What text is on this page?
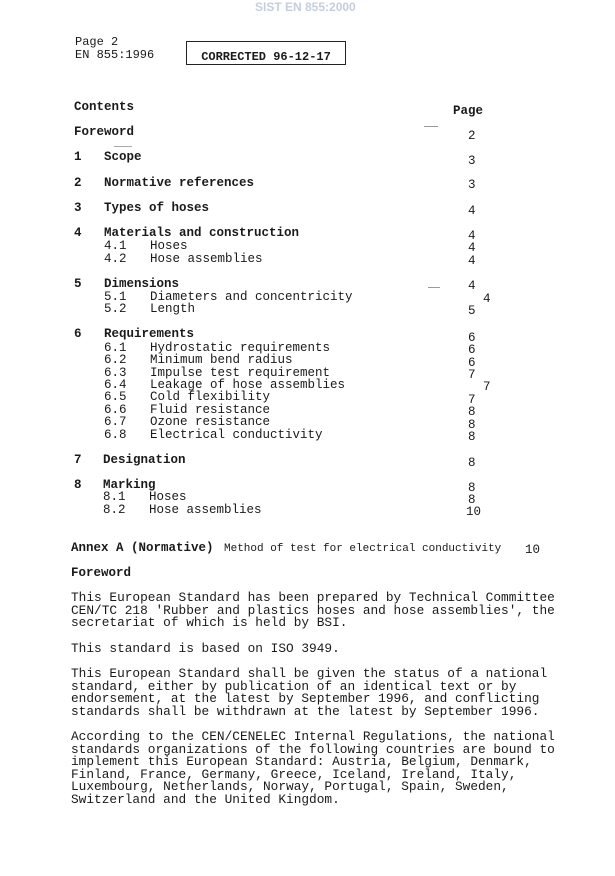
SIST EN 855:2000
Page 2
EN 855:1996	CORRECTED 96-12-17
Contents	Page
Foreword	2
1 Scope	3
2 Normative references	3
3 Types of hoses	4
4 Materials and construction	4
4.1 Hoses	4
4.2 Hose assemblies	4
5 Dimensions	4
5.1 Diameters and concentricity	4
5.2 Length	5
6 Requirements	6
6.1 Hydrostatic requirements	6
6.2 Minimum bend radius	6
6.3 Impulse test requirement	7
6.4 Leakage of hose assemblies	7
6.5 Cold flexibility	7
6.6 Fluid resistance	8
6.7 Ozone resistance	8
6.8 Electrical conductivity	8
7 Designation	8
8 Marking	8
8.1 Hoses	8
8.2 Hose assemblies	10
Annex A (Normative) Method of test for electrical conductivity 10
Foreword
This European Standard has been prepared by Technical Committee
CEN/TC 218 'Rubber and plastics hoses and hose assemblies', the
secretariat of which is held by BSI.
This standard is based on ISO 3949.
This European Standard shall be given the status of a national
standard, either by publication of an identical text or by
endorsement, at the latest by September 1996, and conflicting
standards shall be withdrawn at the latest by September 1996.
According to the CEN/CENELEC Internal Regulations, the national
standards organizations of the following countries are bound to
implement this European Standard: Austria, Belgium, Denmark,
Finland, France, Germany, Greece, Iceland, Ireland, Italy,
Luxembourg, Netherlands, Norway, Portugal, Spain, Sweden,
Switzerland and the United Kingdom.
